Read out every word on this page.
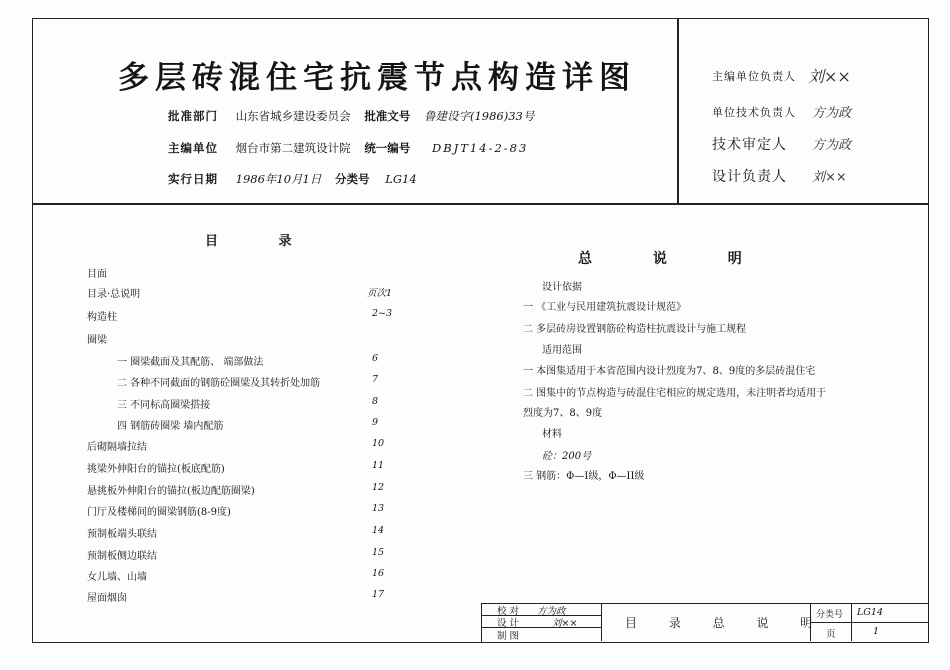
多层砖混住宅抗震节点构造详图
批准部门 山东省城乡建设委员会 批准文号 鲁建设字(1986)33号
主编单位 烟台市第二建筑设计院 统一编号 DBJT14-2-83
实行日期 1986年10月1日 分类号 LG14
主编单位负责人 刘××
单位技术负责人 方为政
技术审定人 方为政
设计负责人 刘××
目 录
目面
目录·总说明	页次1
构造柱	2~3
圈梁
一 圈梁截面及其配筋、 端部做法	6
二 各种不同截面的钢筋砼圈梁及其转折处加筋	7
三 不同标高圈梁搭接	8
四 钢筋砖圈梁 墙内配筋	9
后砌隔墙拉结	10
挑梁外伸阳台的锚拉(板底配筋)	11
悬挑板外伸阳台的锚拉(板边配筋圈梁)	12
门厅及楼梯间的圈梁钢筋(8-9度)	13
预制板端头联结	14
预制板侧边联结	15
女儿墙、山墙	16
屋面烟囱	17
总 说 明
设计依据
一 《工业与民用建筑抗震设计规范》
二 多层砖房设置钢筋砼构造柱抗震设计与施工规程
适用范围
一 本图集适用于本省范围内设计烈度为7、8、9度的多层砖混住宅
二 图集中的节点构造与砖混住宅相应的规定选用，未注明者均适用于
烈度为7、8、9度
材料
砼：200号
三 钢筋：Φ—I级，Φ—II级
校 对 方为政
设 计	刘××
制 图
目 录 总 说 明
分类号 LG14
页	1
